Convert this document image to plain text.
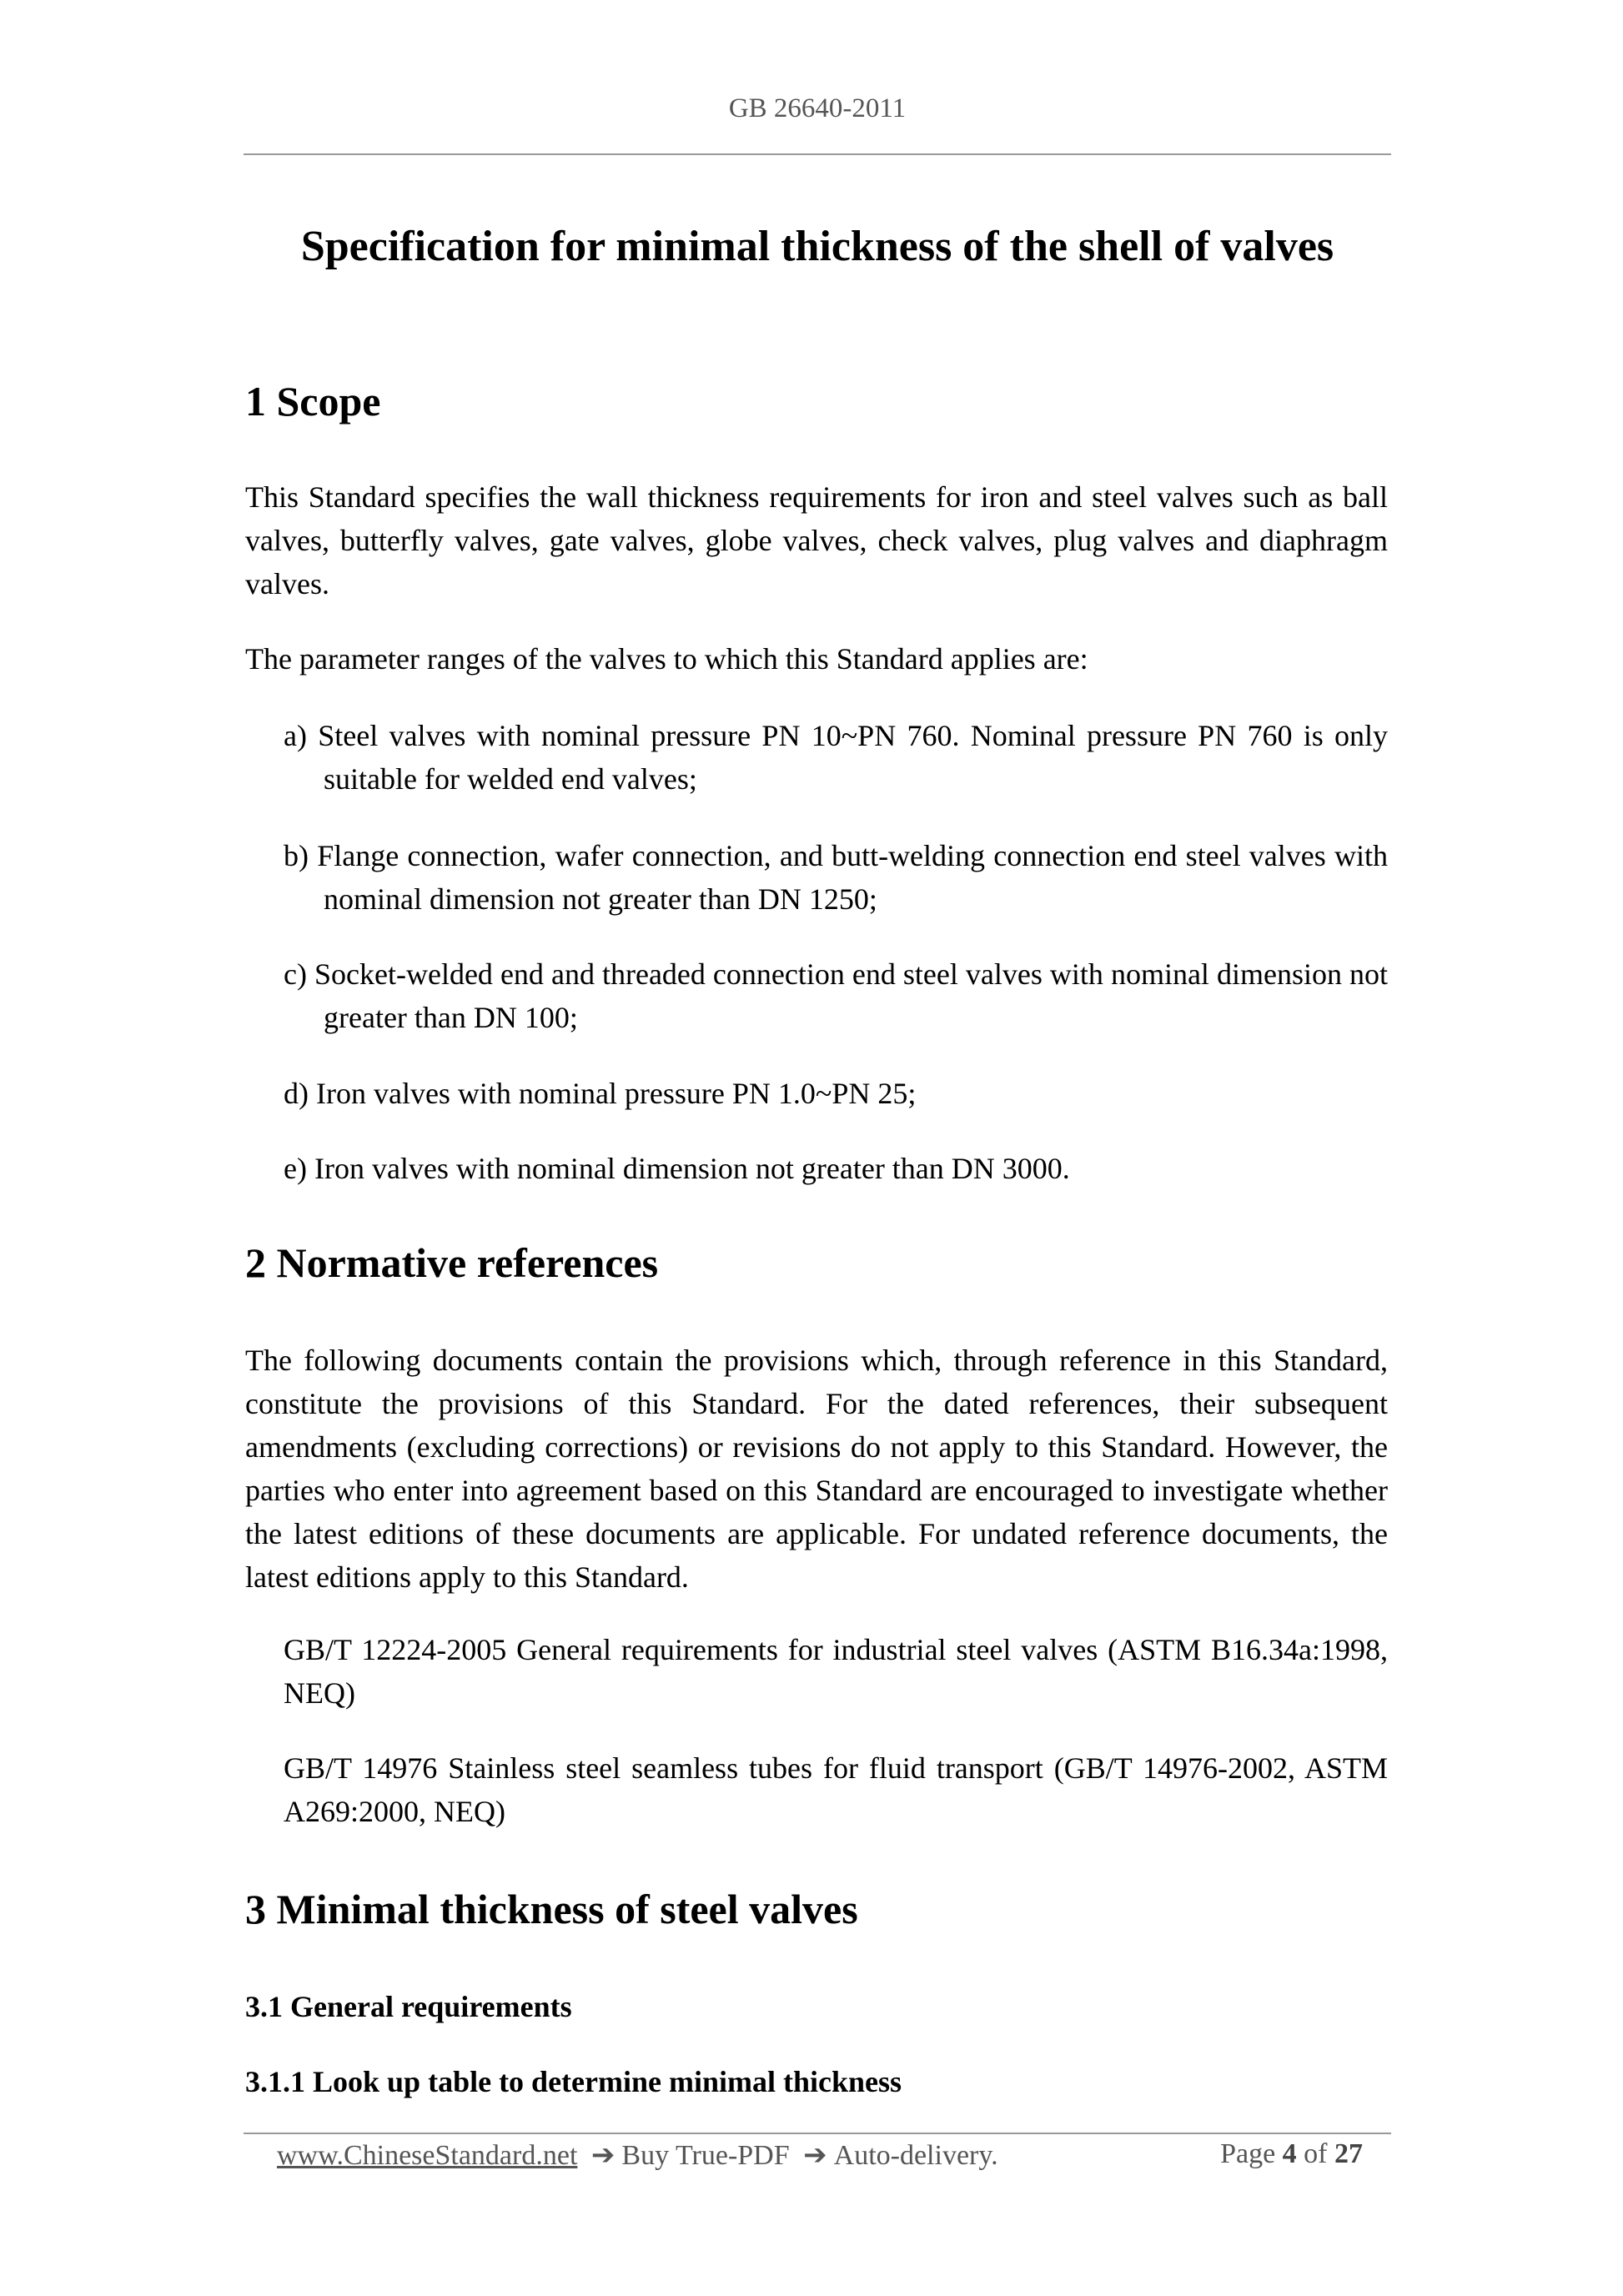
GB 26640-2011
Specification for minimal thickness of the shell of valves
1 Scope

This Standard specifies the wall thickness requirements for iron and steel valves such as ball valves, butterfly valves, gate valves, globe valves, check valves, plug valves and diaphragm valves.

The parameter ranges of the valves to which this Standard applies are:

a) Steel valves with nominal pressure PN 10~PN 760. Nominal pressure PN 760 is only suitable for welded end valves;

b) Flange connection, wafer connection, and butt-welding connection end steel valves with nominal dimension not greater than DN 1250;

c) Socket-welded end and threaded connection end steel valves with nominal dimension not greater than DN 100;

d) Iron valves with nominal pressure PN 1.0~PN 25;

e) Iron valves with nominal dimension not greater than DN 3000.

2 Normative references

The following documents contain the provisions which, through reference in this Standard, constitute the provisions of this Standard. For the dated references, their subsequent amendments (excluding corrections) or revisions do not apply to this Standard. However, the parties who enter into agreement based on this Standard are encouraged to investigate whether the latest editions of these documents are applicable. For undated reference documents, the latest editions apply to this Standard.

GB/T 12224-2005 General requirements for industrial steel valves (ASTM B16.34a:1998, NEQ)

GB/T 14976 Stainless steel seamless tubes for fluid transport (GB/T 14976-2002, ASTM A269:2000, NEQ)

3 Minimal thickness of steel valves
3.1 General requirements
3.1.1 Look up table to determine minimal thickness
www.ChineseStandard.net ➔ Buy True-PDF ➔ Auto-delivery.	Page 4 of 27
